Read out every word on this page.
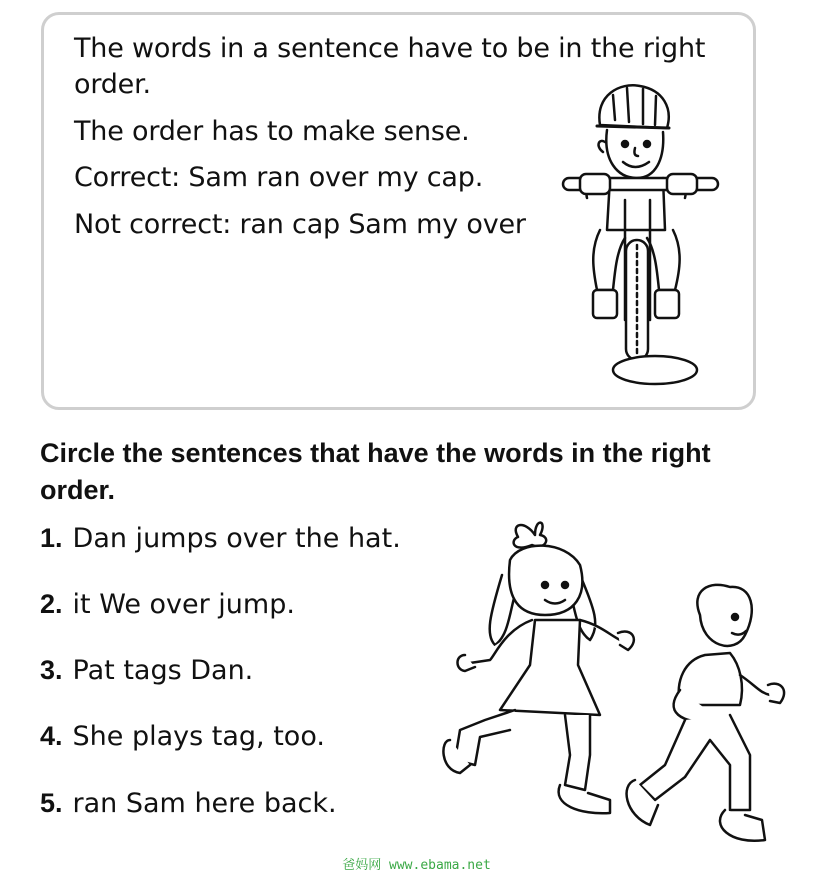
The words in a sentence have to be in the right
order.
The order has to make sense.
Correct: Sam ran over my cap.
Not correct: ran cap Sam my over
Circle the sentences that have the words in the right order.
1. Dan jumps over the hat.
2. it We over jump.
3. Pat tags Dan.
4. She plays tag, too.
5. ran Sam here back.
爸妈网 www.ebama.net
